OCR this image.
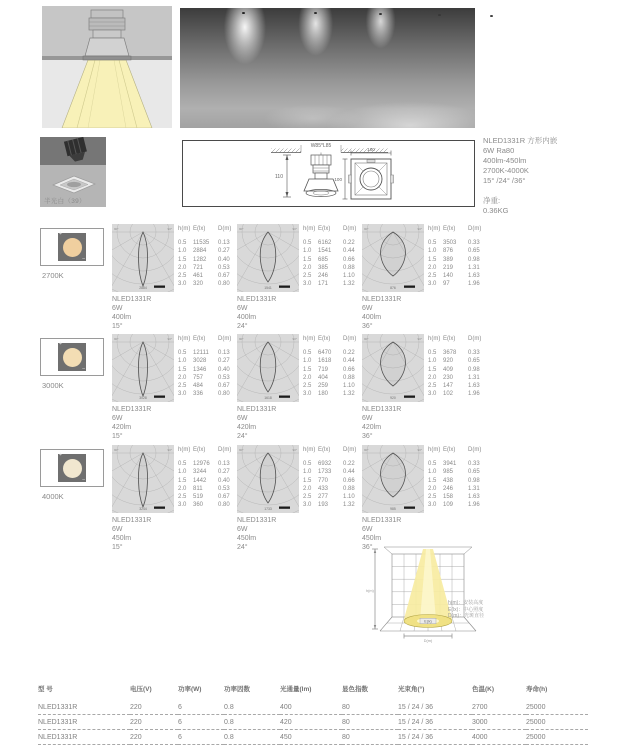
半光白（39）
W85*L85
110
100
100
NLED1331R 方形内嵌
6W Ra80
400lm-450lm
2700K-4000K
15° /24° /36°
净重:
0.36KG
+
–
2700K
90°	90°
2884
h(m) E(lx)	D(m)
0.5	11535	0.13
1.0	2884	0.27
1.5	1282	0.40
2.0	721	0.53
2.5	461	0.67
3.0	320	0.80
NLED1331R
6W
400lm
15°
90°	90°
1541
h(m) E(lx)	D(m)
0.5	6162	0.22
1.0	1541	0.44
1.5	685	0.66
2.0	385	0.88
2.5	246	1.10
3.0	171	1.32
NLED1331R
6W
400lm
24°
90°	90°
876
h(m) E(lx)	D(m)
0.5	3503	0.33
1.0	876	0.65
1.5	389	0.98
2.0	219	1.31
2.5	140	1.63
3.0	97	1.96
NLED1331R
6W
400lm
36°
+
–
3000K
90°	90°
3028
h(m) E(lx)	D(m)
0.5	12111	0.13
1.0	3028	0.27
1.5	1346	0.40
2.0	757	0.53
2.5	484	0.67
3.0	336	0.80
NLED1331R
6W
420lm
15°
90°	90°
1618
h(m) E(lx)	D(m)
0.5	6470	0.22
1.0	1618	0.44
1.5	719	0.66
2.0	404	0.88
2.5	259	1.10
3.0	180	1.32
NLED1331R
6W
420lm
24°
90°	90°
920
h(m) E(lx)	D(m)
0.5	3678	0.33
1.0	920	0.65
1.5	409	0.98
2.0	230	1.31
2.5	147	1.63
3.0	102	1.96
NLED1331R
6W
420lm
36°
+
–
4000K
90°	90°
3244
h(m) E(lx)	D(m)
0.5	12976	0.13
1.0	3244	0.27
1.5	1442	0.40
2.0	811	0.53
2.5	519	0.67
3.0	360	0.80
NLED1331R
6W
450lm
15°
90°	90°
1733
h(m) E(lx)	D(m)
0.5	6932	0.22
1.0	1733	0.44
1.5	770	0.66
2.0	433	0.88
2.5	277	1.10
3.0	193	1.32
NLED1331R
6W
450lm
24°
90°	90°
985
h(m) E(lx)	D(m)
0.5	3941	0.33
1.0	985	0.65
1.5	438	0.98
2.0	246	1.31
2.5	158	1.63
3.0	109	1.96
NLED1331R
6W
450lm
36°
h(m)
E(lx)
D(m)
h(m)：安装高度
E(lx)：中心照度
D(m)：光斑直径
型 号	电压(V)	功率(W)	功率因数	光通量(lm)	显色指数	光束角(°)	色温(K)	寿命(h)
NLED1331R	220	6	0.8	400	80	15 / 24 / 36	2700	25000
NLED1331R	220	6	0.8	420	80	15 / 24 / 36	3000	25000
NLED1331R	220	6	0.8	450	80	15 / 24 / 36	4000	25000
